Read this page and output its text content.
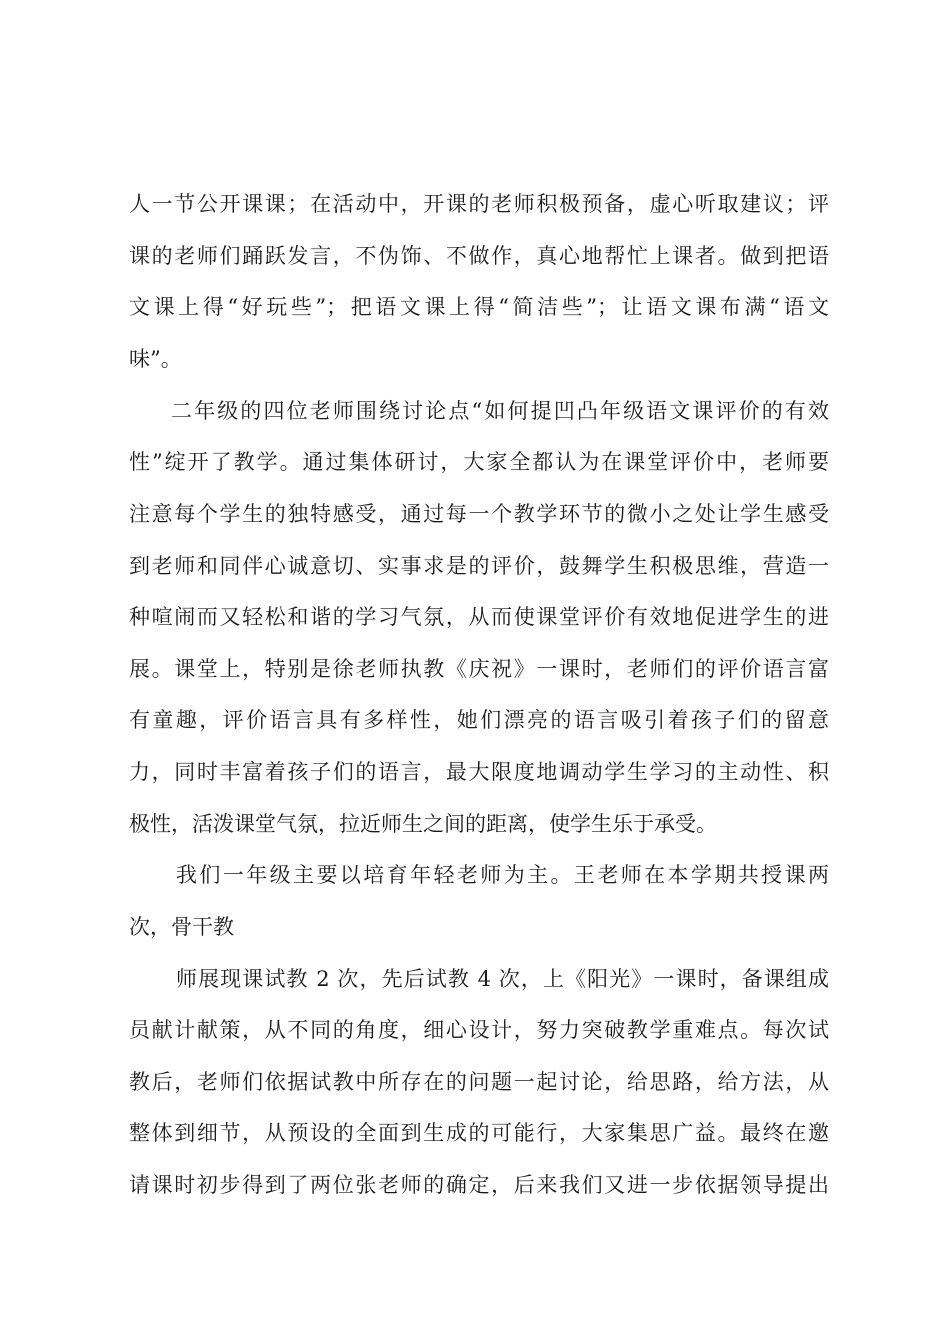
人一节公开课课；在活动中，开课的老师积极预备，虚心听取建议；评
课的老师们踊跃发言，不伪饰、不做作，真心地帮忙上课者。做到把语
文课上得“好玩些”；把语文课上得“简洁些”；让语文课布满“语文
味”。
二年级的四位老师围绕讨论点“如何提凹凸年级语文课评价的有效
性”绽开了教学。通过集体研讨，大家全都认为在课堂评价中，老师要
注意每个学生的独特感受，通过每一个教学环节的微小之处让学生感受
到老师和同伴心诚意切、实事求是的评价，鼓舞学生积极思维，营造一
种喧闹而又轻松和谐的学习气氛，从而使课堂评价有效地促进学生的进
展。课堂上，特别是徐老师执教《庆祝》一课时，老师们的评价语言富
有童趣，评价语言具有多样性，她们漂亮的语言吸引着孩子们的留意
力，同时丰富着孩子们的语言，最大限度地调动学生学习的主动性、积
极性，活泼课堂气氛，拉近师生之间的距离，使学生乐于承受。
我们一年级主要以培育年轻老师为主。王老师在本学期共授课两
次，骨干教
师展现课试教 2 次，先后试教 4 次，上《阳光》一课时，备课组成
员献计献策，从不同的角度，细心设计，努力突破教学重难点。每次试
教后，老师们依据试教中所存在的问题一起讨论，给思路，给方法，从
整体到细节，从预设的全面到生成的可能行，大家集思广益。最终在邀
请课时初步得到了两位张老师的确定，后来我们又进一步依据领导提出
